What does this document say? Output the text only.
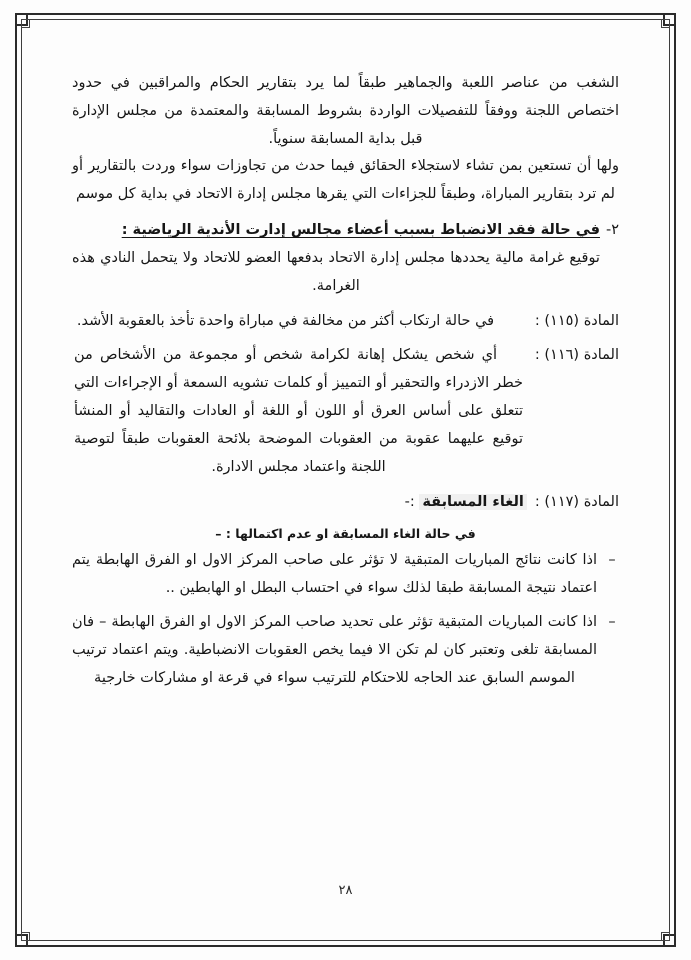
الشغب من عناصر اللعبة والجماهير طبقاً لما يرد بتقارير الحكام والمراقبين في حدود اختصاص اللجنة ووفقاً للتفصيلات الواردة بشروط المسابقة والمعتمدة من مجلس الإدارة قبل بداية المسابقة سنوياً.

ولها أن تستعين بمن تشاء لاستجلاء الحقائق فيما حدث من تجاوزات سواء وردت بالتقارير أو لم ترد بتقارير المباراة، وطبقاً للجزاءات التي يقرها مجلس إدارة الاتحاد في بداية كل موسم

٢-
في حالة فقد الانضباط بسبب أعضاء مجالس إدارت الأندية الرياضية :
توقيع غرامة مالية يحددها مجلس إدارة الاتحاد بدفعها العضو للاتحاد ولا يتحمل النادي هذه الغرامة.
المادة (١١٥) :
في حالة ارتكاب أكثر من مخالفة في مباراة واحدة تأخذ بالعقوبة الأشد.
المادة (١١٦) :
أي شخص يشكل إهانة لكرامة شخص أو مجموعة من الأشخاص من خطر الازدراء والتحقير أو التمييز أو كلمات تشويه السمعة أو الإجراءات التي تتعلق على أساس العرق أو اللون أو اللغة أو العادات والتقاليد أو المنشأ توقيع عليهما عقوبة من العقوبات الموضحة بلائحة العقوبات طبقاً لتوصية اللجنة واعتماد مجلس الادارة.
المادة (١١٧) :
الغاء المسابقة :-
في حالة الغاء المسابقة او عدم اكتمالها : –
–
اذا كانت نتائج المباريات المتبقية لا تؤثر على صاحب المركز الاول او الفرق الهابطة يتم اعتماد نتيجة المسابقة طبقا لذلك سواء في احتساب البطل او الهابطين ..
–
اذا كانت المباريات المتبقية تؤثر على تحديد صاحب المركز الاول او الفرق الهابطة – فان المسابقة تلغى وتعتبر كان لم تكن الا فيما يخص العقوبات الانضباطية. ويتم اعتماد ترتيب الموسم السابق عند الحاجه للاحتكام للترتيب سواء في قرعة او مشاركات خارجية
٢٨
